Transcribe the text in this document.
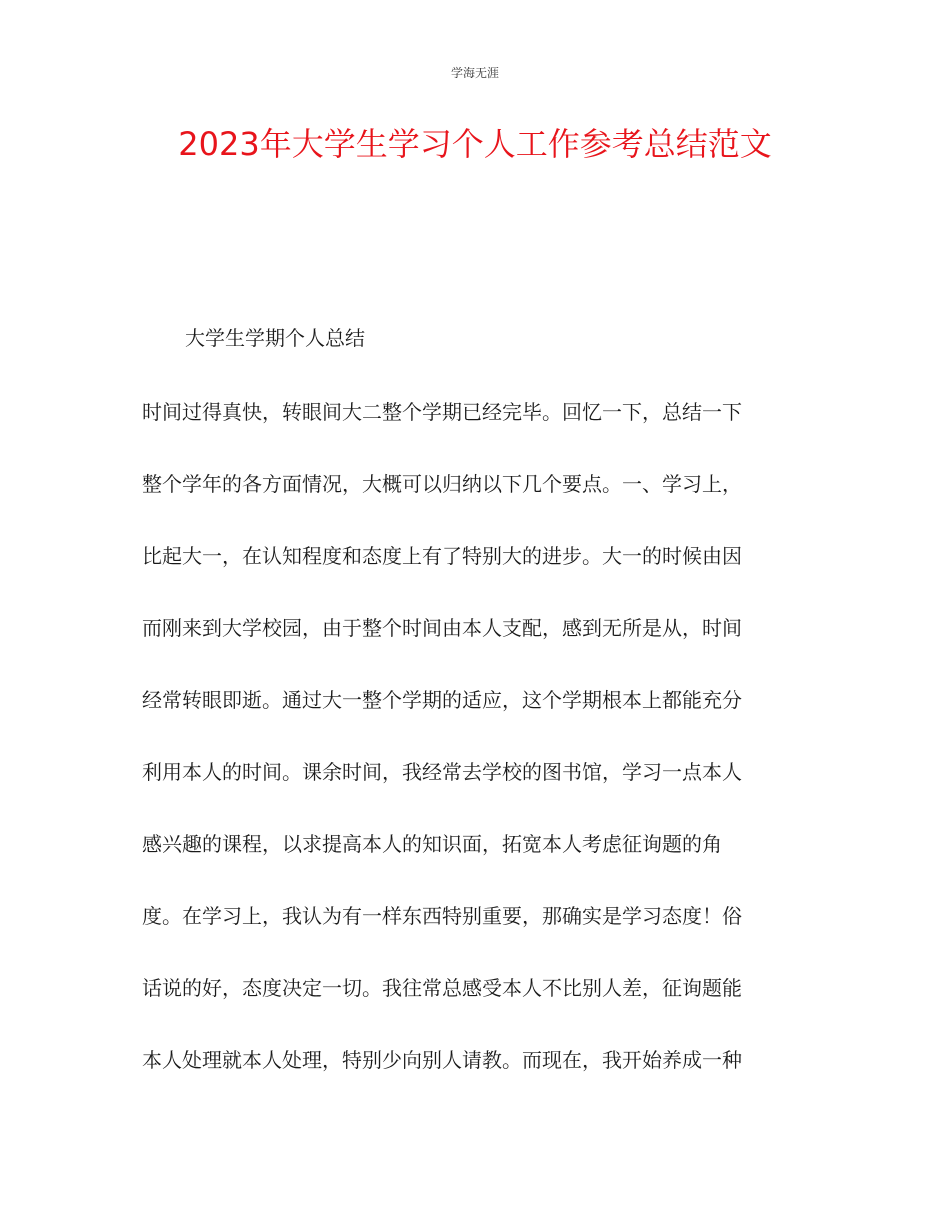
学海无涯
2023年大学生学习个人工作参考总结范文
大学生学期个人总结
时间过得真快，转眼间大二整个学期已经完毕。回忆一下，总结一下
整个学年的各方面情况，大概可以归纳以下几个要点。一、学习上，
比起大一，在认知程度和态度上有了特别大的进步。大一的时候由因
而刚来到大学校园，由于整个时间由本人支配，感到无所是从，时间
经常转眼即逝。通过大一整个学期的适应，这个学期根本上都能充分
利用本人的时间。课余时间，我经常去学校的图书馆，学习一点本人
感兴趣的课程，以求提高本人的知识面，拓宽本人考虑征询题的角
度。在学习上，我认为有一样东西特别重要，那确实是学习态度！俗
话说的好，态度决定一切。我往常总感受本人不比别人差，征询题能
本人处理就本人处理，特别少向别人请教。而现在，我开始养成一种
